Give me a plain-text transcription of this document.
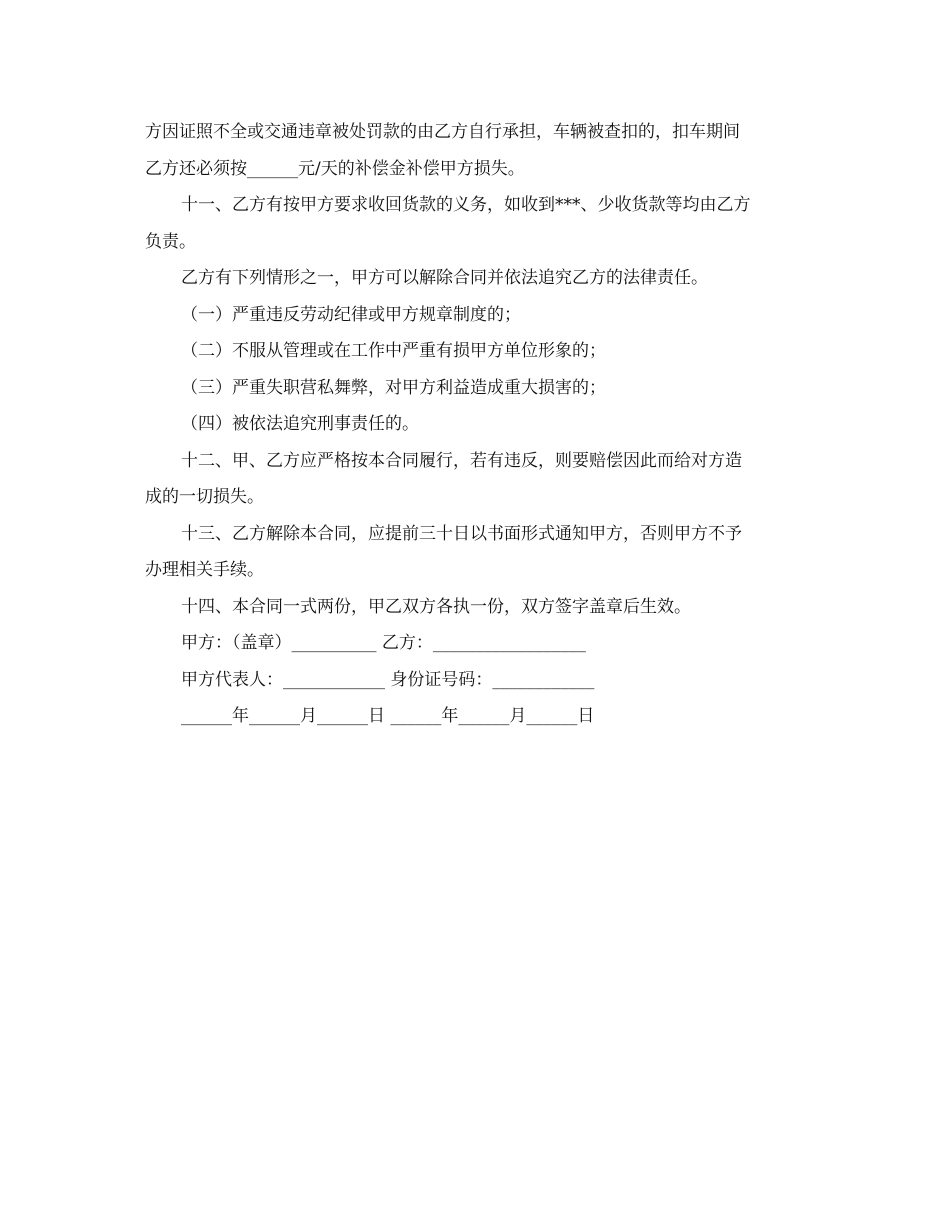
方因证照不全或交通违章被处罚款的由乙方自行承担，车辆被查扣的，扣车期间
乙方还必须按______元/天的补偿金补偿甲方损失。
十一、乙方有按甲方要求收回货款的义务，如收到***、少收货款等均由乙方
负责。
乙方有下列情形之一，甲方可以解除合同并依法追究乙方的法律责任。
（一）严重违反劳动纪律或甲方规章制度的；
（二）不服从管理或在工作中严重有损甲方单位形象的；
（三）严重失职营私舞弊，对甲方利益造成重大损害的；
（四）被依法追究刑事责任的。
十二、甲、乙方应严格按本合同履行，若有违反，则要赔偿因此而给对方造
成的一切损失。
十三、乙方解除本合同，应提前三十日以书面形式通知甲方，否则甲方不予
办理相关手续。
十四、本合同一式两份，甲乙双方各执一份，双方签字盖章后生效。
甲方：（盖章）__________ 乙方：__________________
甲方代表人：____________ 身份证号码：____________
______年______月______日 ______年______月______日
